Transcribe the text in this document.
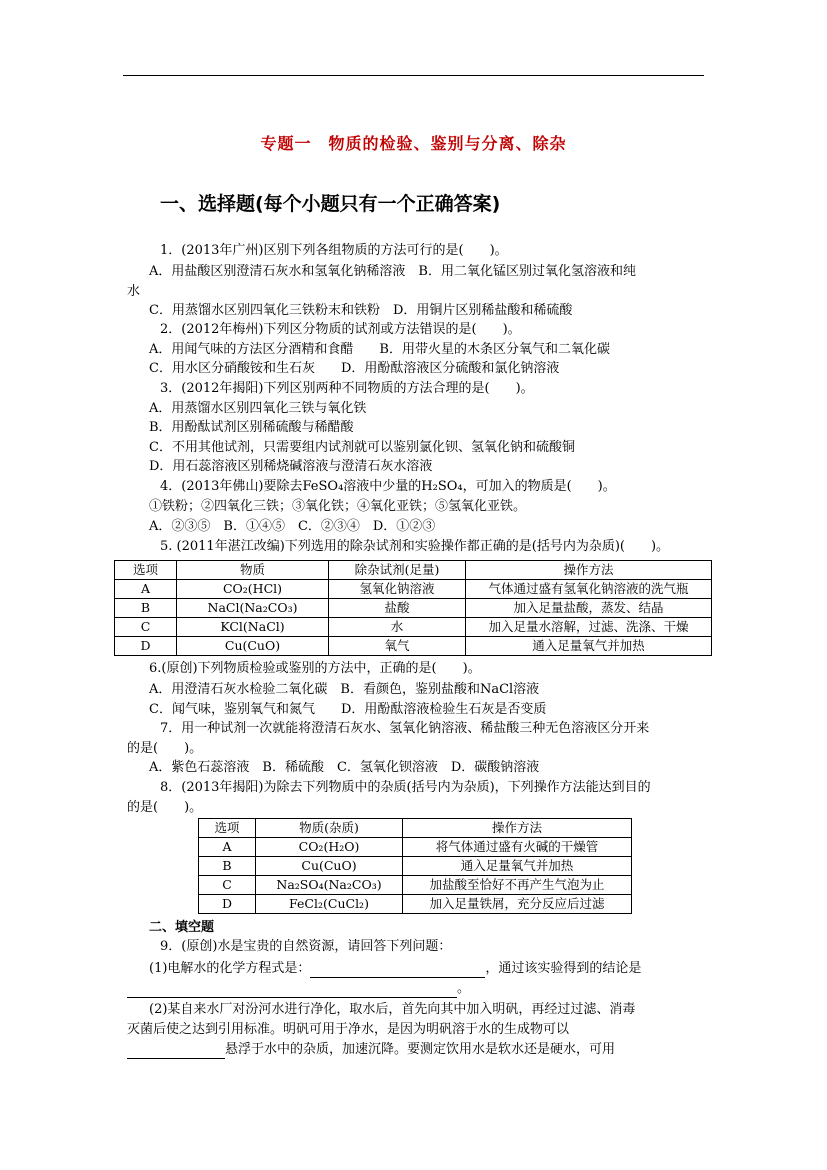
专题一　物质的检验、鉴别与分离、除杂
一、选择题(每个小题只有一个正确答案)
1．(2013年广州)区别下列各组物质的方法可行的是(　　)。
A．用盐酸区别澄清石灰水和氢氧化钠稀溶液　B．用二氧化锰区别过氧化氢溶液和纯
水
C．用蒸馏水区别四氧化三铁粉末和铁粉　D．用铜片区别稀盐酸和稀硫酸
2．(2012年梅州)下列区分物质的试剂或方法错误的是(　　)。
A．用闻气味的方法区分酒精和食醋　　B．用带火星的木条区分氧气和二氧化碳
C．用水区分硝酸铵和生石灰　　D．用酚酞溶液区分硫酸和氯化钠溶液
3．(2012年揭阳)下列区别两种不同物质的方法合理的是(　　)。
A．用蒸馏水区别四氧化三铁与氧化铁
B．用酚酞试剂区别稀硫酸与稀醋酸
C．不用其他试剂，只需要组内试剂就可以鉴别氯化钡、氢氧化钠和硫酸铜
D．用石蕊溶液区别稀烧碱溶液与澄清石灰水溶液
4．(2013年佛山)要除去FeSO₄溶液中少量的H₂SO₄，可加入的物质是(　　)。
①铁粉；②四氧化三铁；③氧化铁；④氧化亚铁；⑤氢氧化亚铁。
A．②③⑤　B．①④⑤　C．②③④　D．①②③
5. (2011年湛江改编)下列选用的除杂试剂和实验操作都正确的是(括号内为杂质)(　　)。
选项	物质	除杂试剂(足量)	操作方法
A	CO₂(HCl)	氢氧化钠溶液	气体通过盛有氢氧化钠溶液的洗气瓶
B	NaCl(Na₂CO₃)	盐酸	加入足量盐酸，蒸发、结晶
C	KCl(NaCl)	水	加入足量水溶解，过滤、洗涤、干燥
D	Cu(CuO)	氧气	通入足量氧气并加热
6.(原创)下列物质检验或鉴别的方法中，正确的是(　　)。
A．用澄清石灰水检验二氧化碳　B．看颜色，鉴别盐酸和NaCl溶液
C．闻气味，鉴别氧气和氮气　　D．用酚酞溶液检验生石灰是否变质
7．用一种试剂一次就能将澄清石灰水、氢氧化钠溶液、稀盐酸三种无色溶液区分开来
的是(　　)。
A．紫色石蕊溶液　B．稀硫酸　C．氢氧化钡溶液　D．碳酸钠溶液
8．(2013年揭阳)为除去下列物质中的杂质(括号内为杂质)，下列操作方法能达到目的
的是(　　)。
选项	物质(杂质)	操作方法
A	CO₂(H₂O)	将气体通过盛有火碱的干燥管
B	Cu(CuO)	通入足量氧气并加热
C	Na₂SO₄(Na₂CO₃)	加盐酸至恰好不再产生气泡为止
D	FeCl₂(CuCl₂)	加入足量铁屑，充分反应后过滤
二、填空题
9．(原创)水是宝贵的自然资源，请回答下列问题：
(1)电解水的化学方程式是：	，通过该实验得到的结论是
。
(2)某自来水厂对汾河水进行净化，取水后，首先向其中加入明矾，再经过过滤、消毒
灭菌后使之达到引用标准。明矾可用于净水，是因为明矾溶于水的生成物可以
悬浮于水中的杂质，加速沉降。要测定饮用水是软水还是硬水，可用
